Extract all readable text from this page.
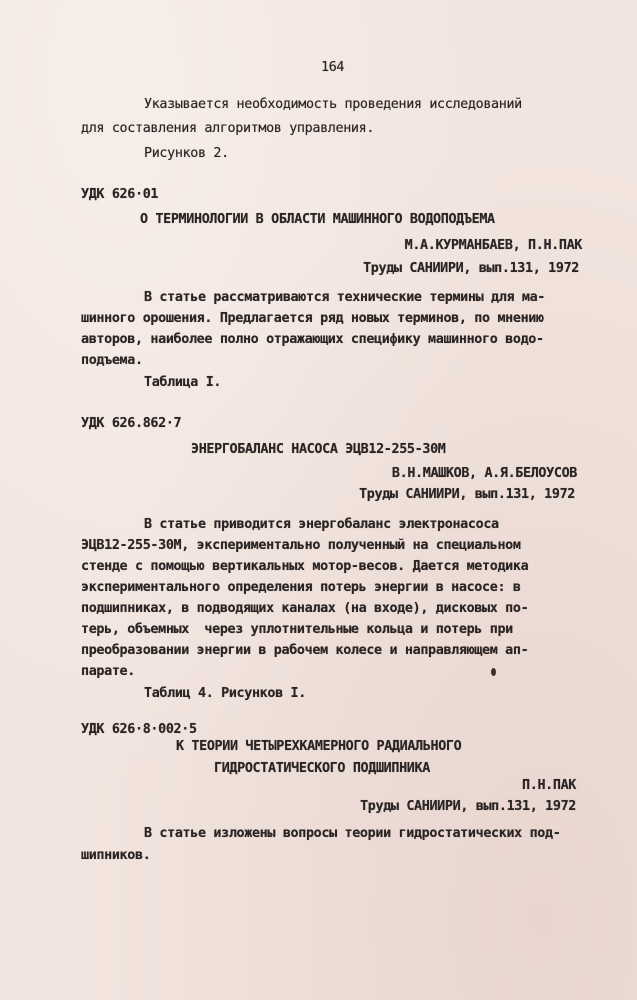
164
Указывается необходимость проведения исследований
для составления алгоритмов управления.
Рисунков 2.
УДК 626·01
О ТЕРМИНОЛОГИИ В ОБЛАСТИ МАШИННОГО ВОДОПОДЪЕМА
М.А.КУРМАНБАЕВ, П.Н.ПАК
Труды САНИИРИ, вып.131, 1972
В статье рассматриваются технические термины для ма-
шинного орошения. Предлагается ряд новых терминов, по мнению
авторов, наиболее полно отражающих специфику машинного водо-
подъема.
Таблица I.
УДК 626.862·7
ЭНЕРГОБАЛАНС НАСОСА ЭЦВ12-255-30М
В.Н.МАШКОВ, А.Я.БЕЛОУСОВ
Труды САНИИРИ, вып.131, 1972
В статье приводится энергобаланс электронасоса
ЭЦВ12-255-30М, экспериментально полученный на специальном
стенде с помощью вертикальных мотор-весов. Дается методика
экспериментального определения потерь энергии в насосе: в
подшипниках, в подводящих каналах (на входе), дисковых по-
терь, объемных  через уплотнительные кольца и потерь при
преобразовании энергии в рабочем колесе и направляющем ап-
парате.
Таблиц 4. Рисунков I.
УДК 626·8·002·5
К ТЕОРИИ ЧЕТЫРЕХКАМЕРНОГО РАДИАЛЬНОГО
ГИДРОСТАТИЧЕСКОГО ПОДШИПНИКА
П.Н.ПАК
Труды САНИИРИ, вып.131, 1972
В статье изложены вопросы теории гидростатических под-
шипников.
